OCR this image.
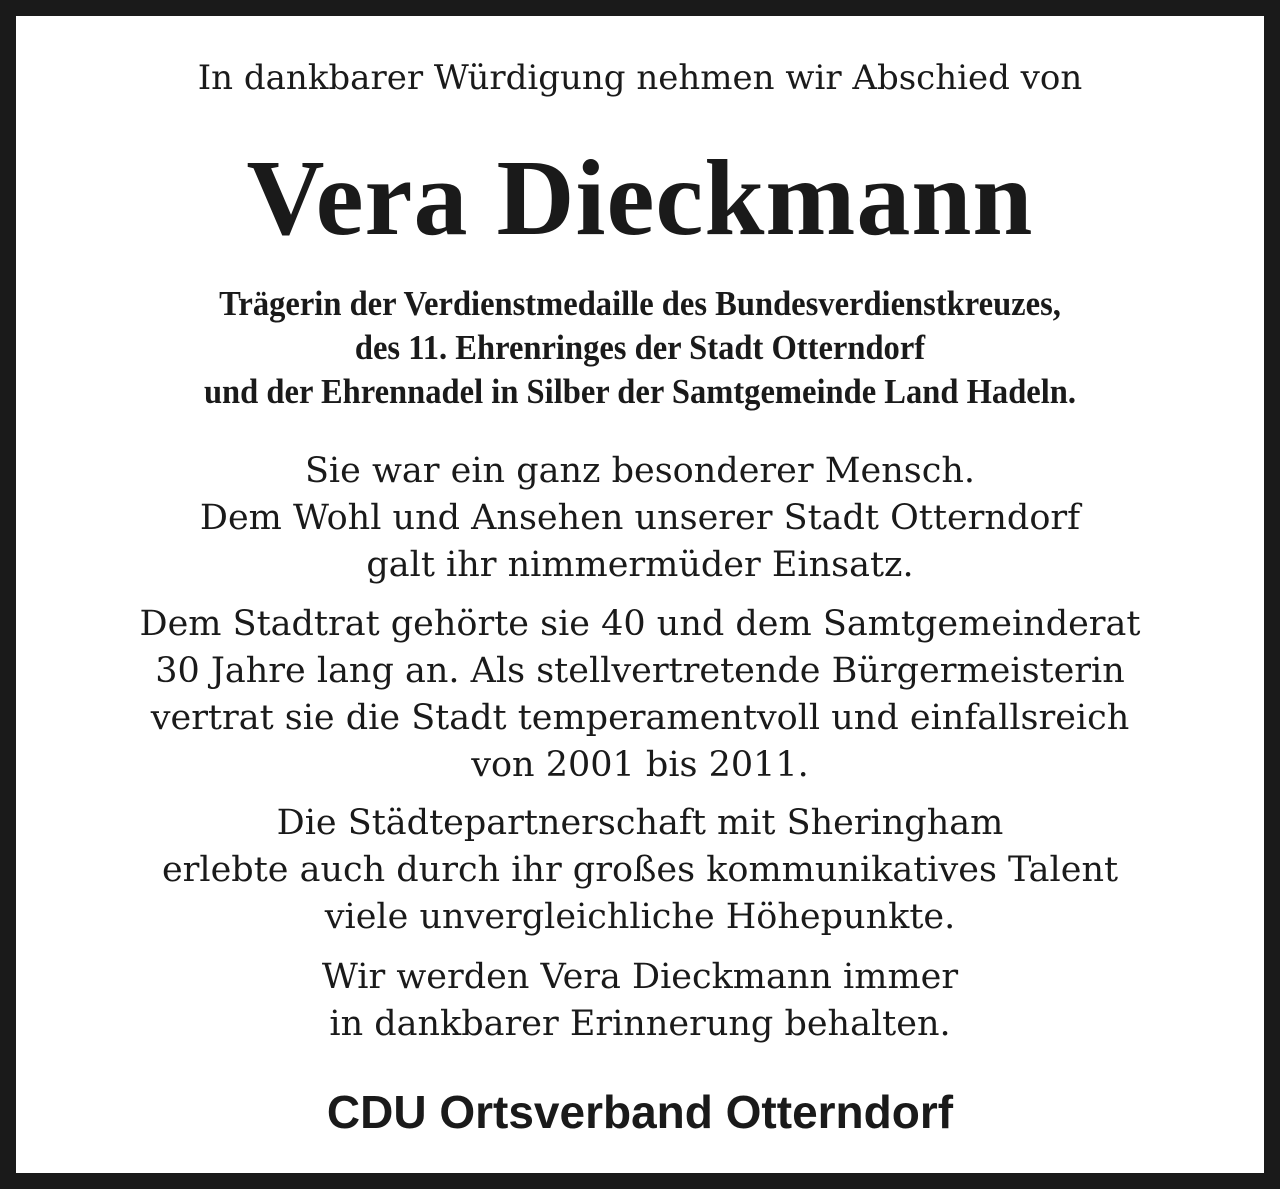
In dankbarer Würdigung nehmen wir Abschied von
Vera Dieckmann
Trägerin der Verdienstmedaille des Bundesverdienstkreuzes,
des 11. Ehrenringes der Stadt Otterndorf
und der Ehrennadel in Silber der Samtgemeinde Land Hadeln.
Sie war ein ganz besonderer Mensch.
Dem Wohl und Ansehen unserer Stadt Otterndorf
galt ihr nimmermüder Einsatz.
Dem Stadtrat gehörte sie 40 und dem Samtgemeinderat
30 Jahre lang an. Als stellvertretende Bürgermeisterin
vertrat sie die Stadt temperamentvoll und einfallsreich
von 2001 bis 2011.
Die Städtepartnerschaft mit Sheringham
erlebte auch durch ihr großes kommunikatives Talent
viele unvergleichliche Höhepunkte.
Wir werden Vera Dieckmann immer
in dankbarer Erinnerung behalten.
CDU Ortsverband Otterndorf
